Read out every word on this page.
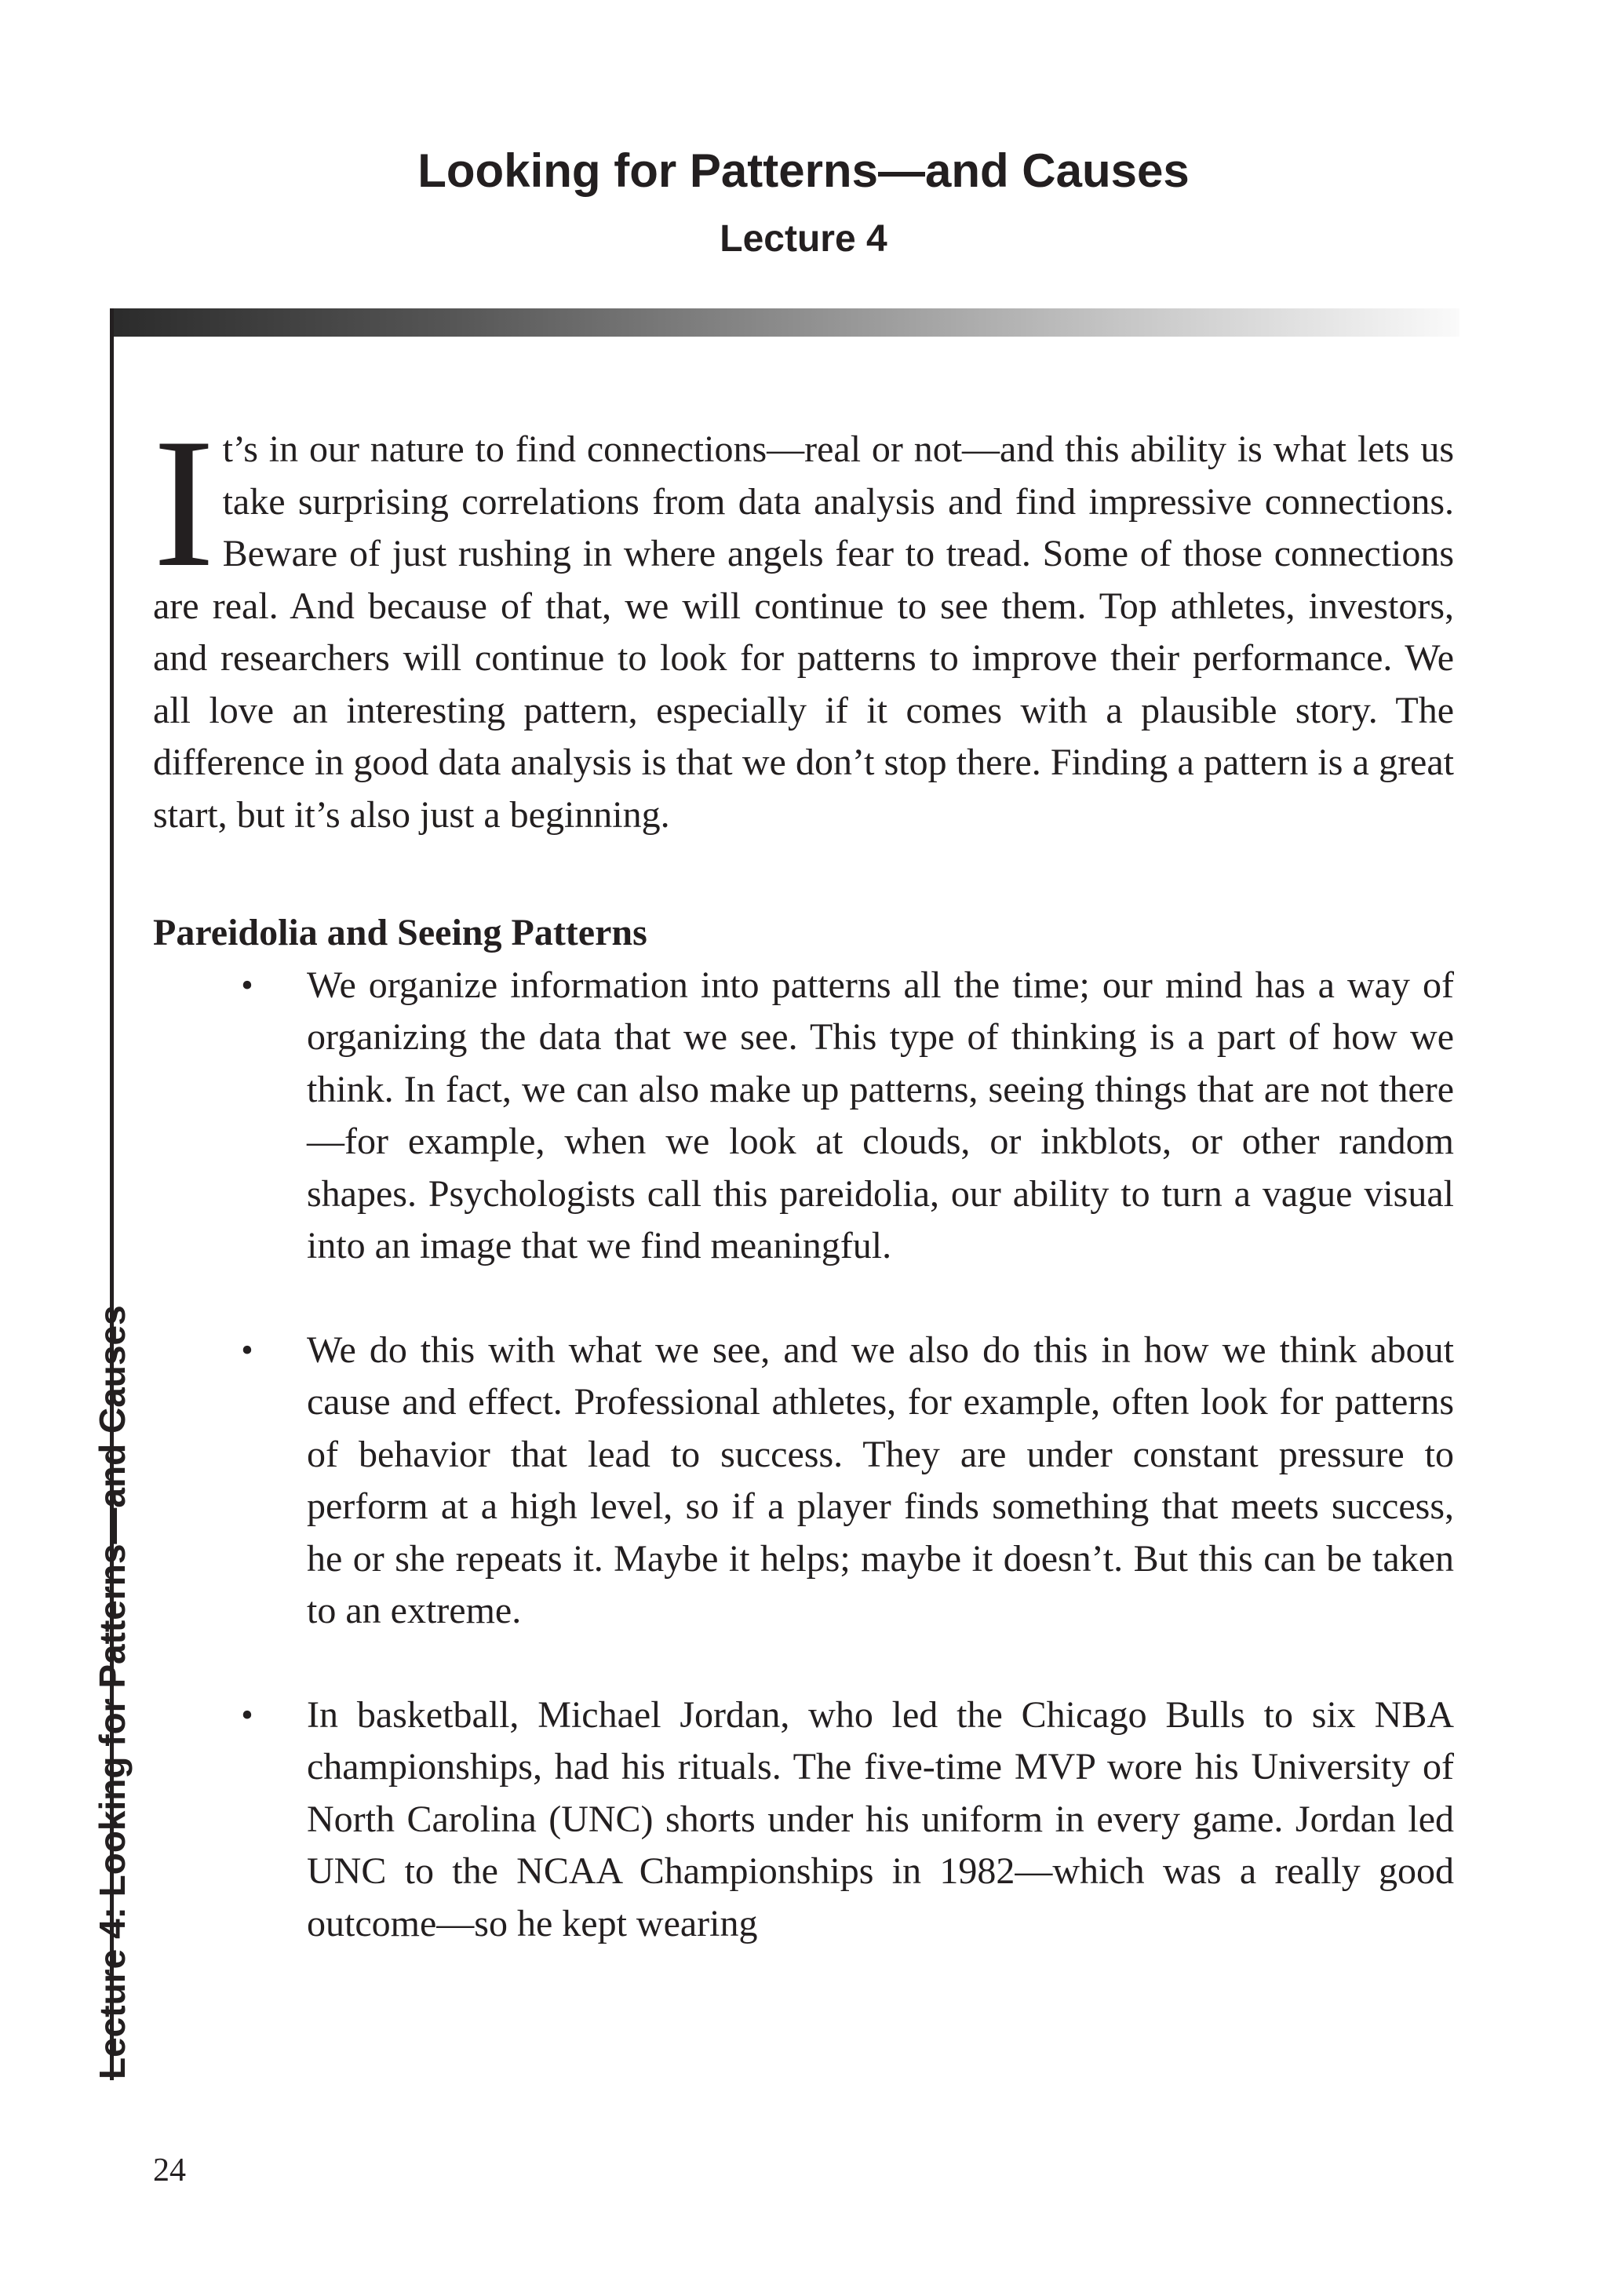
Looking for Patterns—and Causes
Lecture 4
Lecture 4: Looking for Patterns—and Causes

It’s in our nature to find connections—real or not—and this ability is what lets us take surprising correlations from data analysis and find impressive connections. Beware of just rushing in where angels fear to tread. Some of those connections are real. And because of that, we will continue to see them. Top athletes, investors, and researchers will continue to look for patterns to improve their performance. We all love an interesting pattern, especially if it comes with a plausible story. The difference in good data analysis is that we don’t stop there. Finding a pattern is a great start, but it’s also just a beginning.

Pareidolia and Seeing Patterns
• We organize information into patterns all the time; our mind has a way of organizing the data that we see. This type of thinking is a part of how we think. In fact, we can also make up patterns, seeing things that are not there—for example, when we look at clouds, or inkblots, or other random shapes. Psychologists call this pareidolia, our ability to turn a vague visual into an image that we find meaningful.
• We do this with what we see, and we also do this in how we think about cause and effect. Professional athletes, for example, often look for patterns of behavior that lead to success. They are under constant pressure to perform at a high level, so if a player finds something that meets success, he or she repeats it. Maybe it helps; maybe it doesn’t. But this can be taken to an extreme.
• In basketball, Michael Jordan, who led the Chicago Bulls to six NBA championships, had his rituals. The five-time MVP wore his University of North Carolina (UNC) shorts under his uniform in every game. Jordan led UNC to the NCAA Championships in 1982—which was a really good outcome—so he kept wearing
24
